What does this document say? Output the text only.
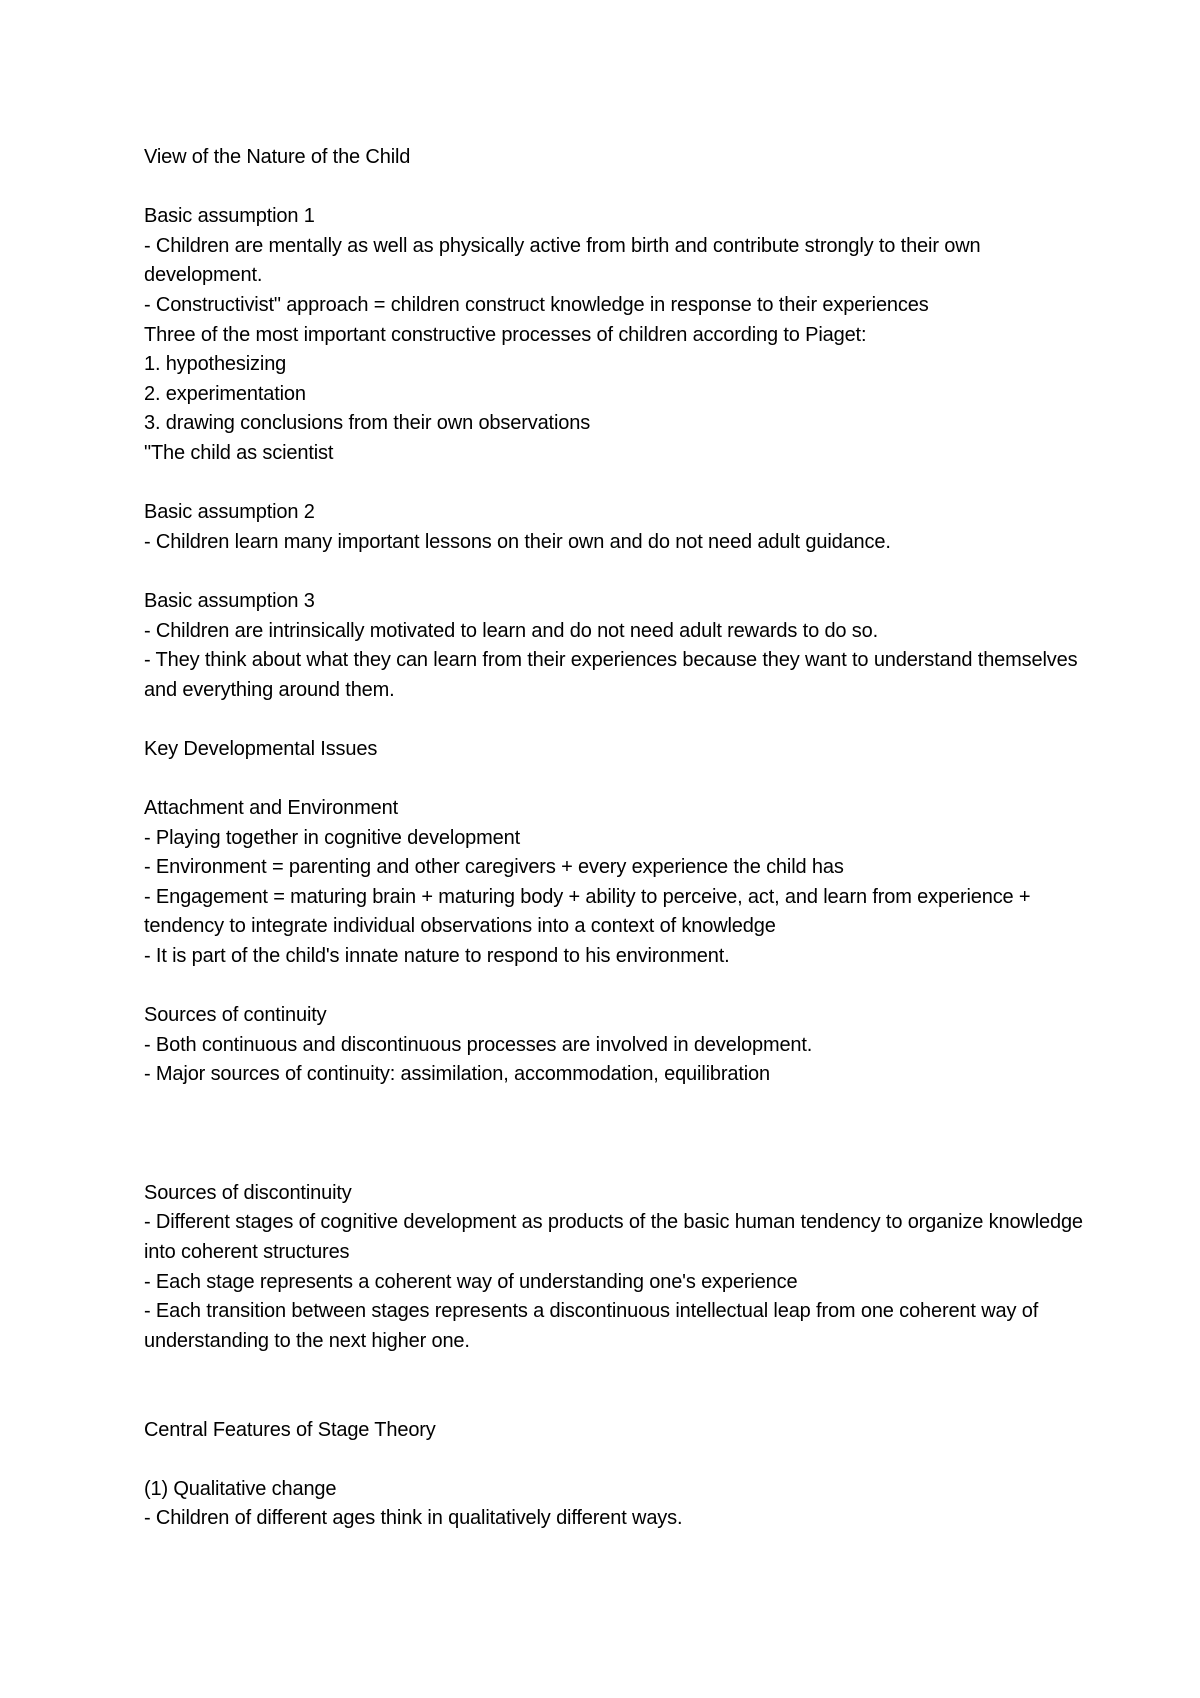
View of the Nature of the Child

Basic assumption 1

- Children are mentally as well as physically active from birth and contribute strongly to their own development.

- Constructivist" approach = children construct knowledge in response to their experiences

Three of the most important constructive processes of children according to Piaget:

1. hypothesizing

2. experimentation

3. drawing conclusions from their own observations

"The child as scientist

Basic assumption 2

- Children learn many important lessons on their own and do not need adult guidance.

Basic assumption 3

- Children are intrinsically motivated to learn and do not need adult rewards to do so.

- They think about what they can learn from their experiences because they want to understand themselves and everything around them.

Key Developmental Issues

Attachment and Environment

- Playing together in cognitive development

- Environment = parenting and other caregivers + every experience the child has

- Engagement = maturing brain + maturing body + ability to perceive, act, and learn from experience + tendency to integrate individual observations into a context of knowledge

- It is part of the child's innate nature to respond to his environment.

Sources of continuity

- Both continuous and discontinuous processes are involved in development.

- Major sources of continuity: assimilation, accommodation, equilibration

Sources of discontinuity

- Different stages of cognitive development as products of the basic human tendency to organize knowledge into coherent structures

- Each stage represents a coherent way of understanding one's experience

- Each transition between stages represents a discontinuous intellectual leap from one coherent way of understanding to the next higher one.

Central Features of Stage Theory

(1) Qualitative change

- Children of different ages think in qualitatively different ways.
